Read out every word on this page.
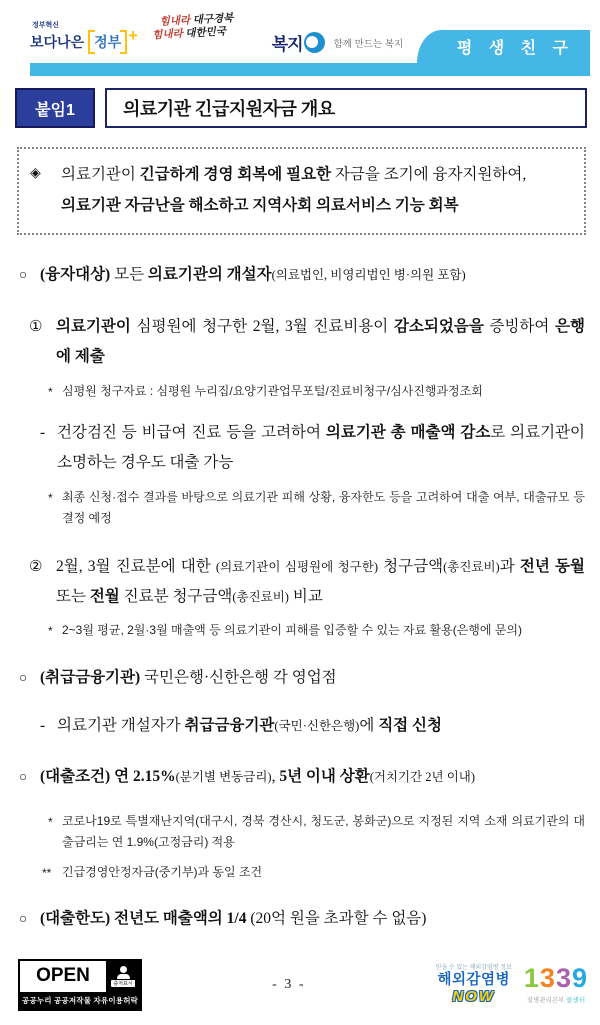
정부혁신
보다나은 정부 +
힘내라 대구경북
힘내라 대한민국
복지	함께 만드는 복지	평 생 친 구
붙임1	의료기관 긴급지원자금 개요

◈ 의료기관이 긴급하게 경영 회복에 필요한 자금을 조기에 융자지원하여,

의료기관 자금난을 해소하고 지역사회 의료서비스 기능 회복

○ (융자대상) 모든 의료기관의 개설자(의료법인, 비영리법인 병·의원 포함)

① 의료기관이 심평원에 청구한 2월, 3월 진료비용이 감소되었음을 증빙하여 은행에 제출

* 심평원 청구자료 : 심평원 누리집/요양기관업무포털/진료비청구/심사진행과정조회

- 건강검진 등 비급여 진료 등을 고려하여 의료기관 총 매출액 감소로 의료기관이 소명하는 경우도 대출 가능

* 최종 신청·접수 결과를 바탕으로 의료기관 피해 상황, 융자한도 등을 고려하여 대출 여부, 대출규모 등 결정 예정

② 2월, 3월 진료분에 대한 (의료기관이 심평원에 청구한) 청구금액(총진료비)과 전년 동월 또는 전월 진료분 청구금액(총진료비) 비교

* 2~3월 평균, 2월·3월 매출액 등 의료기관이 피해를 입증할 수 있는 자료 활용(은행에 문의)

○ (취급금융기관) 국민은행·신한은행 각 영업점

- 의료기관 개설자가 취급금융기관(국민·신한은행)에 직접 신청

○ (대출조건) 연 2.15%(분기별 변동금리), 5년 이내 상환(거치기간 2년 이내)

* 코로나19로 특별재난지역(대구시, 경북 경산시, 청도군, 봉화군)으로 지정된 지역 소재 의료기관의 대출금리는 연 1.9%(고정금리) 적용

** 긴급경영안정자금(중기부)과 동일 조건

○ (대출한도) 전년도 매출액의 1/4 (20억 원을 초과할 수 없음)

OPEN	출처표시
공공누리 공공저작물 자유이용허락
- 3 -
믿을 수 있는 해외감염병 정보
해외감염병
NOW
1339
질병관리본부 콜센터
